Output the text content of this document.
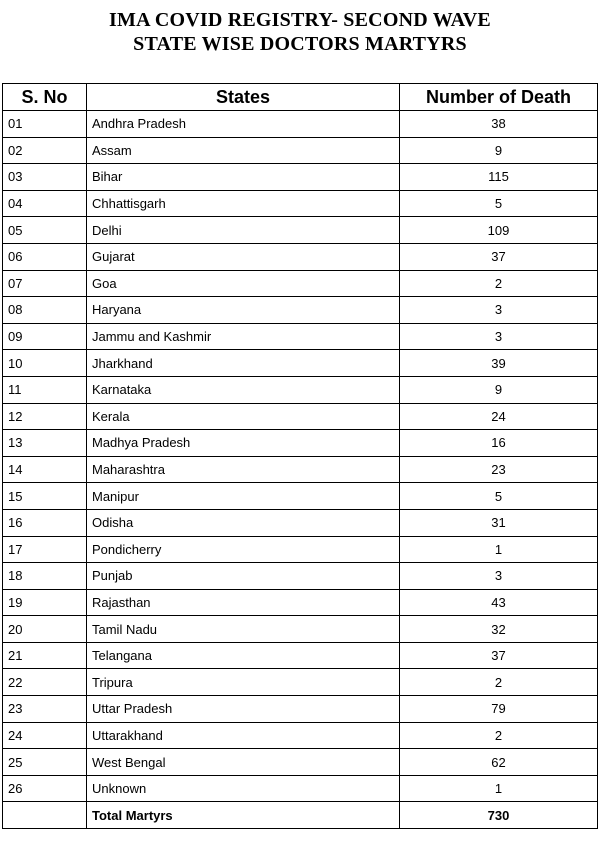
IMA COVID REGISTRY- SECOND WAVE
STATE WISE DOCTORS MARTYRS
S. No	States	Number of Death
01	Andhra Pradesh	38
02	Assam	9
03	Bihar	115
04	Chhattisgarh	5
05	Delhi	109
06	Gujarat	37
07	Goa	2
08	Haryana	3
09	Jammu and Kashmir	3
10	Jharkhand	39
11	Karnataka	9
12	Kerala	24
13	Madhya Pradesh	16
14	Maharashtra	23
15	Manipur	5
16	Odisha	31
17	Pondicherry	1
18	Punjab	3
19	Rajasthan	43
20	Tamil Nadu	32
21	Telangana	37
22	Tripura	2
23	Uttar Pradesh	79
24	Uttarakhand	2
25	West Bengal	62
26	Unknown	1
	Total Martyrs	730
